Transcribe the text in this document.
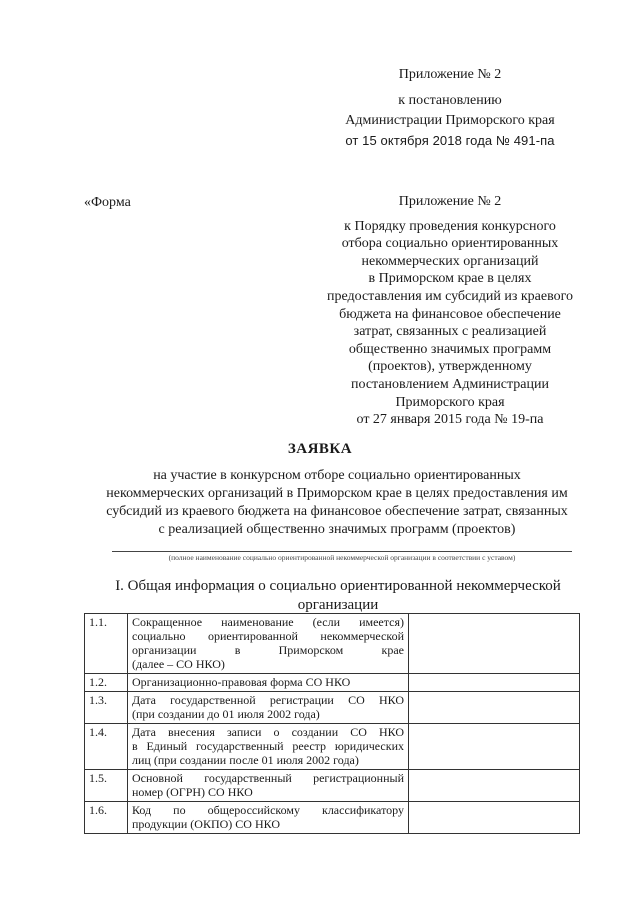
Приложение № 2
к постановлению
Администрации Приморского края
от 15 октября 2018 года № 491-па
«Форма	Приложение № 2
к Порядку проведения конкурсного
отбора социально ориентированных
некоммерческих организаций
в Приморском крае в целях
предоставления им субсидий из краевого
бюджета на финансовое обеспечение
затрат, связанных с реализацией
общественно значимых программ
(проектов), утвержденному
постановлением Администрации
Приморского края
от 27 января 2015 года № 19-па
ЗАЯВКА
на участие в конкурсном отборе социально ориентированных
некоммерческих организаций в Приморском крае в целях предоставления им
субсидий из краевого бюджета на финансовое обеспечение затрат, связанных
с реализацией общественно значимых программ (проектов)
(полное наименование социально ориентированной некоммерческой организации в соответствии с уставом)
I. Общая информация о социально ориентированной некоммерческой
организации
1.1.	Сокращенное наименование (если имеется)
социально ориентированной некоммерческой
организации в Приморском крае
(далее – СО НКО)	

1.2.	Организационно-правовая форма СО НКО	

1.3.	Дата государственной регистрации СО НКО
(при создании до 01 июля 2002 года)	

1.4.	Дата внесения записи о создании СО НКО
в Единый государственный реестр юридических
лиц (при создании после 01 июля 2002 года)	

1.5.	Основной государственный регистрационный
номер (ОГРН) СО НКО	

1.6.	Код по общероссийскому классификатору
продукции (ОКПО) СО НКО	
